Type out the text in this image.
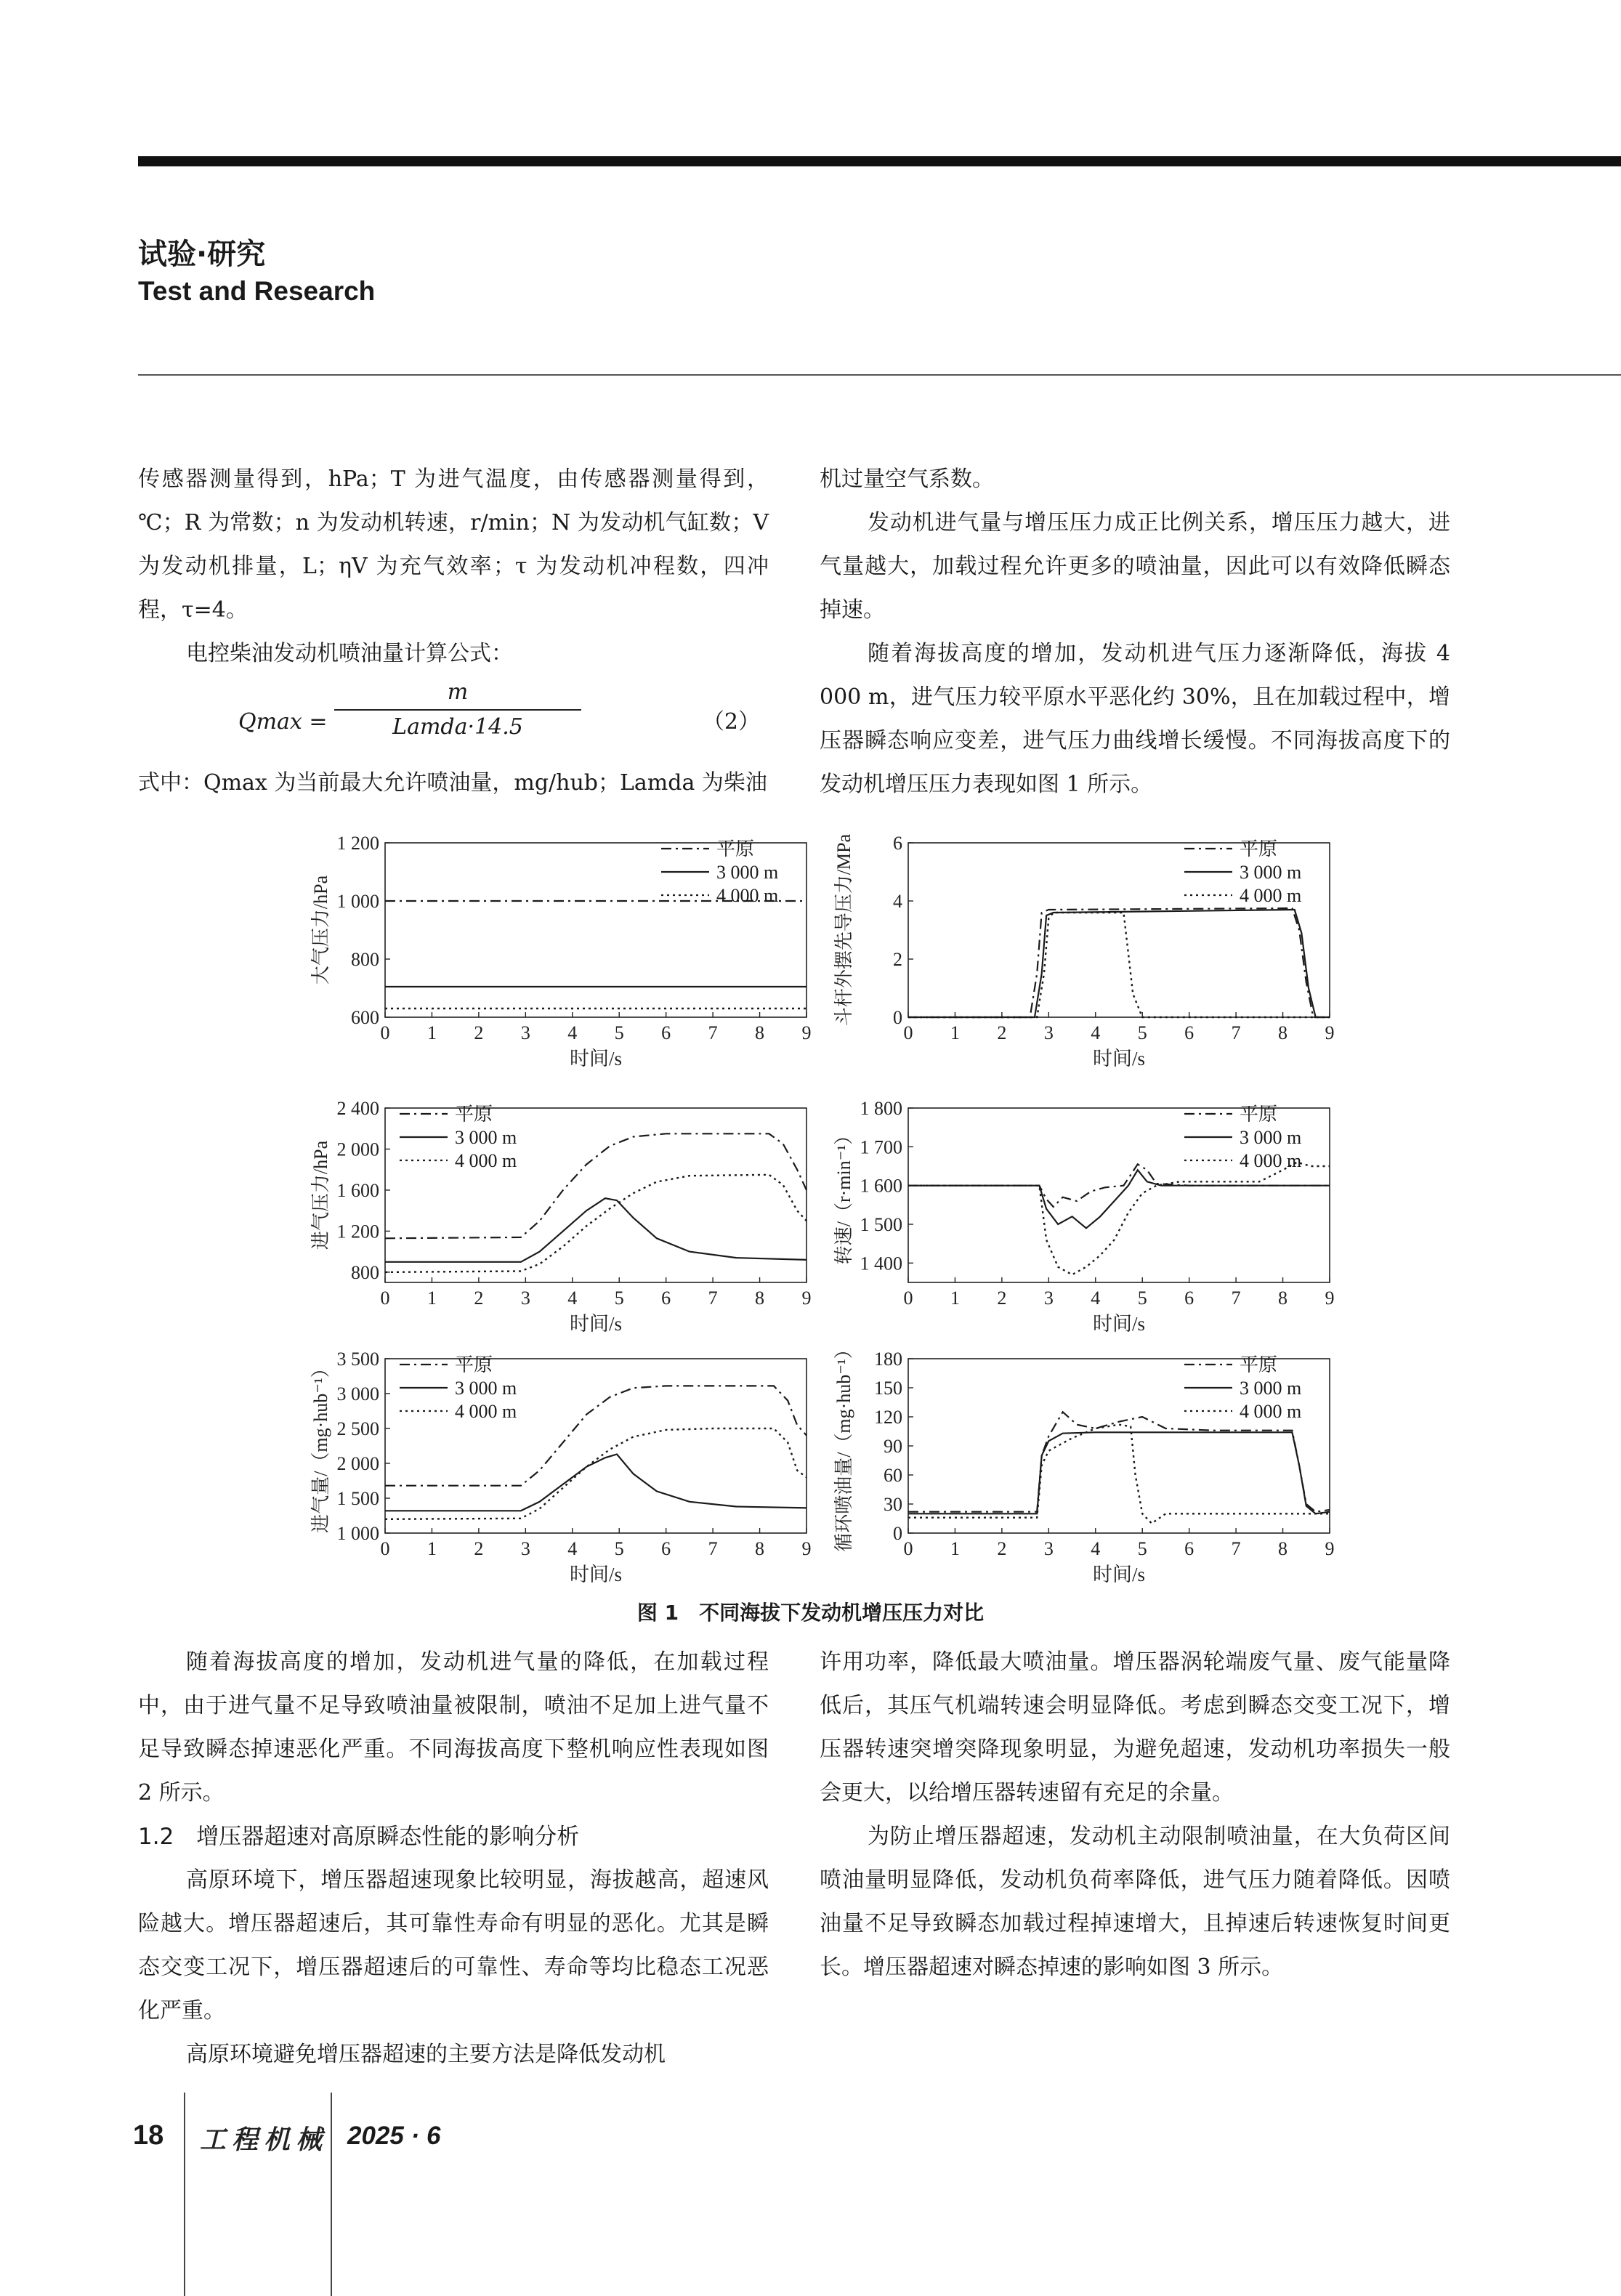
试验·研究
Test and Research

传感器测量得到，hPa；T 为进气温度，由传感器测量得到，℃；R 为常数；n 为发动机转速，r/min；N 为发动机气缸数；V 为发动机排量，L；ηV 为充气效率；τ 为发动机冲程数，四冲程，τ=4。

电控柴油发动机喷油量计算公式：

Qmax =
m
Lamda·14.5	（2）

式中：Qmax 为当前最大允许喷油量，mg/hub；Lamda 为柴油

机过量空气系数。

发动机进气量与增压压力成正比例关系，增压压力越大，进气量越大，加载过程允许更多的喷油量，因此可以有效降低瞬态掉速。

随着海拔高度的增加，发动机进气压力逐渐降低，海拔 4 000 m，进气压力较平原水平恶化约 30%，且在加载过程中，增压器瞬态响应变差，进气压力曲线增长缓慢。不同海拔高度下的发动机增压压力表现如图 1 所示。

0 1 2 3 4 5 6 7 8 9
600
800
1 000
1 200
时间/s
大气压力/hPa
平原
3 000 m
4 000 m
0 1 2 3 4 5 6 7 8 9
0
2
4
6
时间/s
斗杆外摆先导压力/MPa	平原
3 000 m
4 000 m
0 1 2 3 4 5 6 7 8 9
800
1 200
1 600
2 000
2 400
时间/s
进气压力/hPa
平原
3 000 m
4 000 m
0 1 2 3 4 5 6 7 8 9
1 400
1 500
1 600
1 700
1 800
时间/s
转速/（r·min⁻¹）
平原
3 000 m
4 000 m
0 1 2 3 4 5 6 7 8 9
1 000
1 500
2 000
2 500
3 000
3 500
时间/s
进气量/（mg·hub⁻¹）	平原
3 000 m
4 000 m
0 1 2 3 4 5 6 7 8 9
0
30
60
90
120
150
180
时间/s
循环喷油量/（mg·hub⁻¹）	平原
3 000 m
4 000 m
图 1　不同海拔下发动机增压压力对比

随着海拔高度的增加，发动机进气量的降低，在加载过程中，由于进气量不足导致喷油量被限制，喷油不足加上进气量不足导致瞬态掉速恶化严重。不同海拔高度下整机响应性表现如图 2 所示。

1.2　增压器超速对高原瞬态性能的影响分析

高原环境下，增压器超速现象比较明显，海拔越高，超速风险越大。增压器超速后，其可靠性寿命有明显的恶化。尤其是瞬态交变工况下，增压器超速后的可靠性、寿命等均比稳态工况恶化严重。

高原环境避免增压器超速的主要方法是降低发动机

许用功率，降低最大喷油量。增压器涡轮端废气量、废气能量降低后，其压气机端转速会明显降低。考虑到瞬态交变工况下，增压器转速突增突降现象明显，为避免超速，发动机功率损失一般会更大，以给增压器转速留有充足的余量。

为防止增压器超速，发动机主动限制喷油量，在大负荷区间喷油量明显降低，发动机负荷率降低，进气压力随着降低。因喷油量不足导致瞬态加载过程掉速增大，且掉速后转速恢复时间更长。增压器超速对瞬态掉速的影响如图 3 所示。

18 工程机械 2025 · 6
